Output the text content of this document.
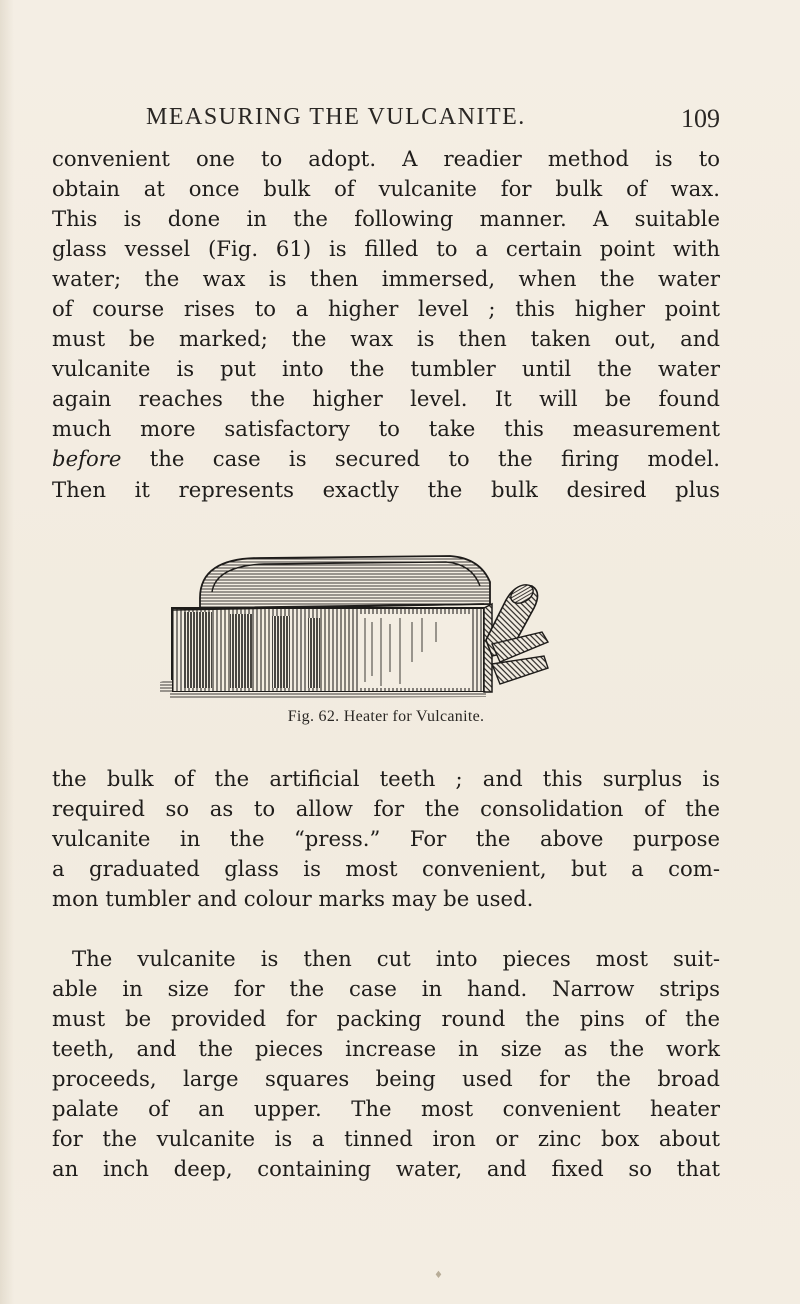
MEASURING THE VULCANITE.	109
convenient one to adopt. A readier method is to
obtain at once bulk of vulcanite for bulk of wax.
This is done in the following manner. A suitable
glass vessel (Fig. 61) is filled to a certain point with
water; the wax is then immersed, when the water
of course rises to a higher level ; this higher point
must be marked; the wax is then taken out, and
vulcanite is put into the tumbler until the water
again reaches the higher level. It will be found
much more satisfactory to take this measurement
before the case is secured to the firing model.
Then it represents exactly the bulk desired plus
Fig. 62. Heater for Vulcanite.
the bulk of the artificial teeth ; and this surplus is
required so as to allow for the consolidation of the
vulcanite in the “press.” For the above purpose
a graduated glass is most convenient, but a com-
mon tumbler and colour marks may be used.
The vulcanite is then cut into pieces most suit-
able in size for the case in hand. Narrow strips
must be provided for packing round the pins of the
teeth, and the pieces increase in size as the work
proceeds, large squares being used for the broad
palate of an upper. The most convenient heater
for the vulcanite is a tinned iron or zinc box about
an inch deep, containing water, and fixed so that
♦
